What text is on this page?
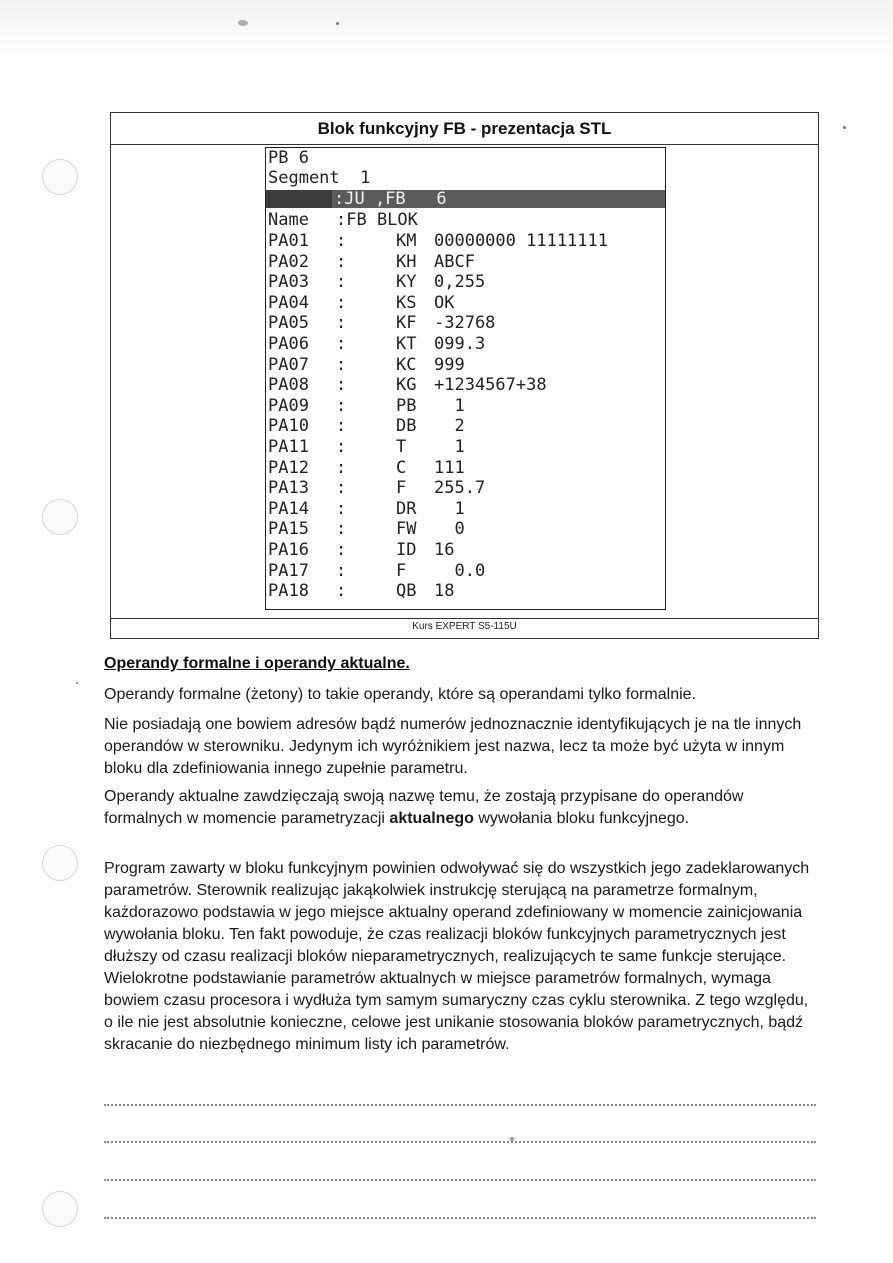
Blok funkcyjny FB - prezentacja STL
PB 6
Segment  1
:JU ,FB   6

Name

:FB BLOK

PA01 :	KM 00000000 11111111
PA02 :	KH ABCF
PA03 :	KY 0,255
PA04 :	KS OK
PA05 :	KF -32768
PA06 :	KT 099.3
PA07 :	KC 999
PA08 :	KG +1234567+38
PA09 :	PB 1
PA10 :	DB 2
PA11 :	T 1
PA12 :	C 111
PA13 :	F 255.7
PA14 :	DR 1
PA15 :	FW 0
PA16 :	ID 16
PA17 :	F 0.0
PA18 :	QB 18
Kurs EXPERT S5-115U
Operandy formalne i operandy aktualne.

Operandy formalne (żetony) to takie operandy, które są operandami tylko formalnie.

Nie posiadają one bowiem adresów bądź numerów jednoznacznie identyfikujących je na tle innych operandów w sterowniku. Jedynym ich wyróżnikiem jest nazwa, lecz ta może być użyta w innym bloku dla zdefiniowania innego zupełnie parametru.

Operandy aktualne zawdzięczają swoją nazwę temu, że zostają przypisane do operandów formalnych w momencie parametryzacji aktualnego wywołania bloku funkcyjnego.

Program zawarty w bloku funkcyjnym powinien odwoływać się do wszystkich jego zadeklarowanych parametrów. Sterownik realizując jakąkolwiek instrukcję sterującą na parametrze formalnym, każdorazowo podstawia w jego miejsce aktualny operand zdefiniowany w momencie zainicjowania wywołania bloku. Ten fakt powoduje, że czas realizacji bloków funkcyjnych parametrycznych jest dłuższy od czasu realizacji bloków nieparametrycznych, realizujących te same funkcje sterujące. Wielokrotne podstawianie parametrów aktualnych w miejsce parametrów formalnych, wymaga bowiem czasu procesora i wydłuża tym samym sumaryczny czas cyklu sterownika. Z tego względu, o ile nie jest absolutnie konieczne, celowe jest unikanie stosowania bloków parametrycznych, bądź skracanie do niezbędnego minimum listy ich parametrów.
